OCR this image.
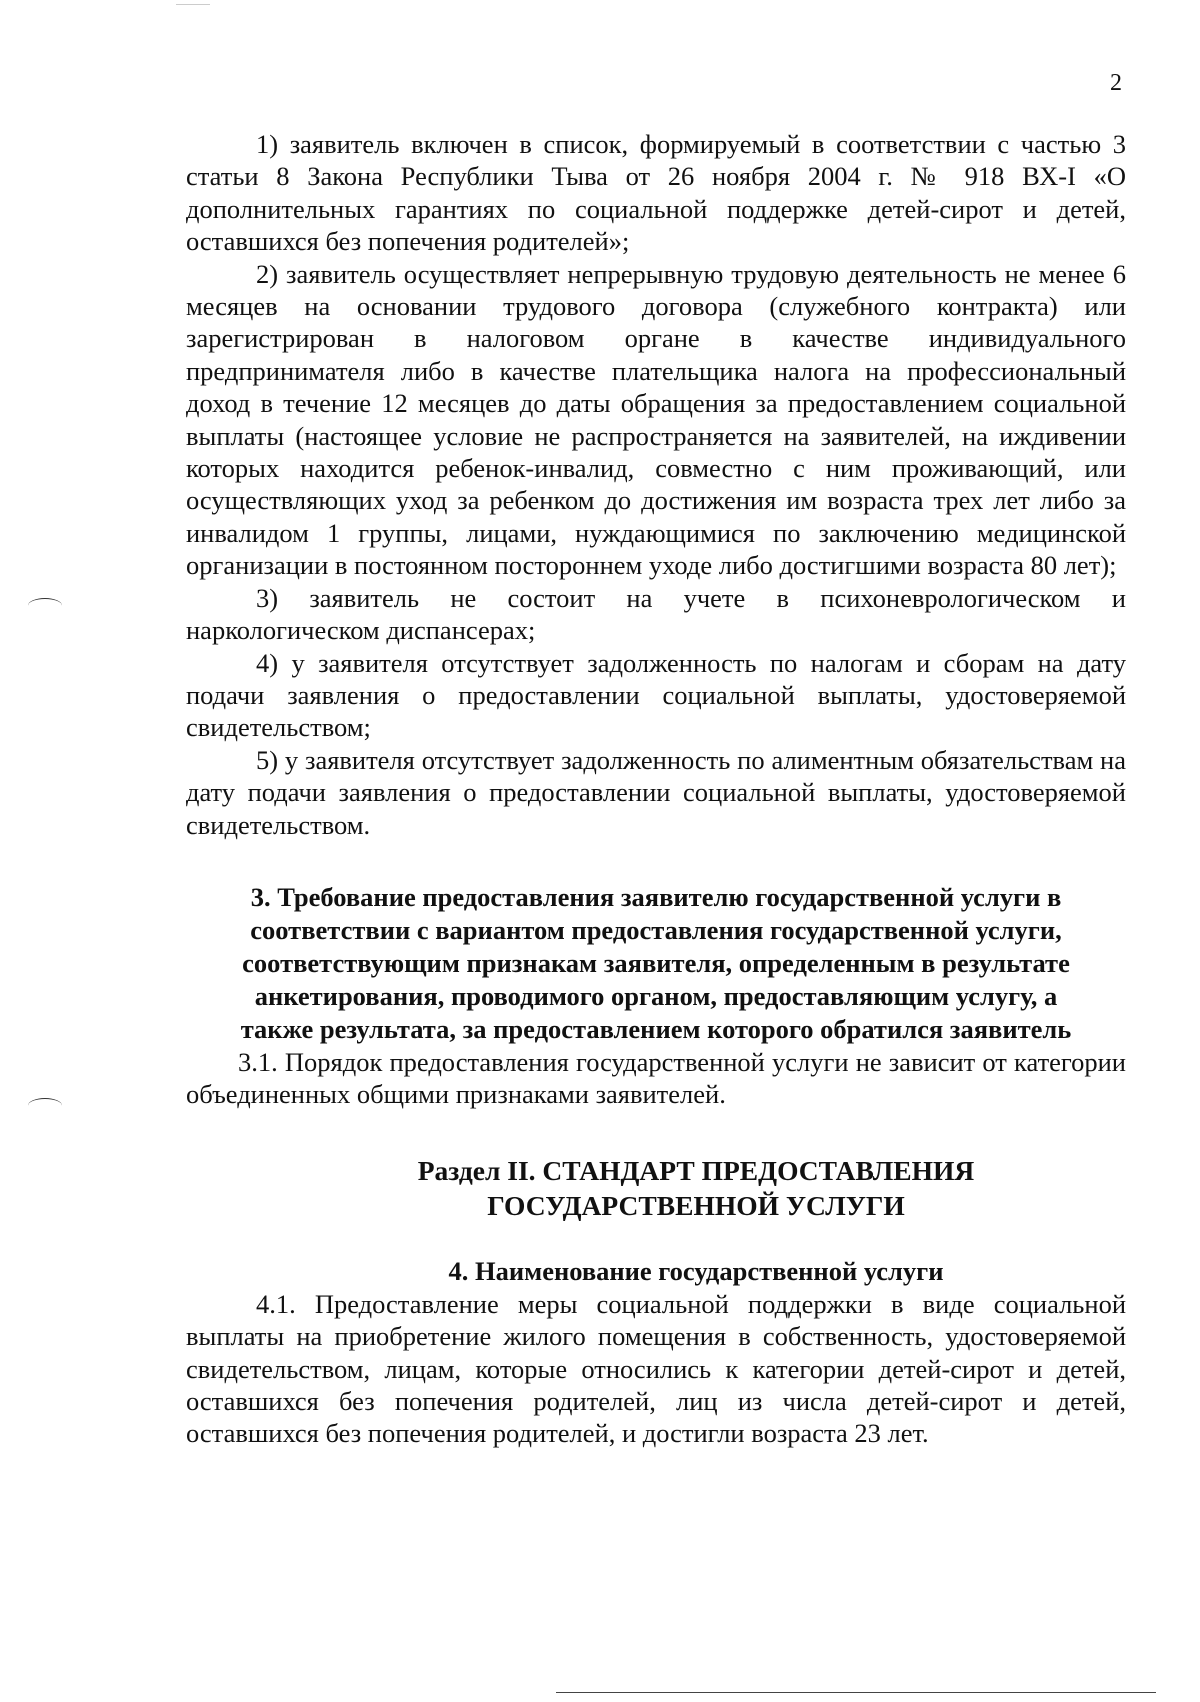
2

1) заявитель включен в список, формируемый в соответствии с частью 3 статьи 8 Закона Республики Тыва от 26 ноября 2004 г. № 918 ВХ-I «О дополнительных гарантиях по социальной поддержке детей-сирот и детей, оставшихся без попечения родителей»;

2) заявитель осуществляет непрерывную трудовую деятельность не менее 6 месяцев на основании трудового договора (служебного контракта) или зарегистрирован в налоговом органе в качестве индивидуального предпринимателя либо в качестве плательщика налога на профессиональный доход в течение 12 месяцев до даты обращения за предоставлением социальной выплаты (настоящее условие не распространяется на заявителей, на иждивении которых находится ребенок-инвалид, совместно с ним проживающий, или осуществляющих уход за ребенком до достижения им возраста трех лет либо за инвалидом 1 группы, лицами, нуждающимися по заключению медицинской организации в постоянном постороннем уходе либо достигшими возраста 80 лет);

3) заявитель не состоит на учете в психоневрологическом и наркологическом диспансерах;

4) у заявителя отсутствует задолженность по налогам и сборам на дату подачи заявления о предоставлении социальной выплаты, удостоверяемой свидетельством;

5) у заявителя отсутствует задолженность по алиментным обязательствам на дату подачи заявления о предоставлении социальной выплаты, удостоверяемой свидетельством.

3. Требование предоставления заявителю государственной услуги в
соответствии с вариантом предоставления государственной услуги,
соответствующим признакам заявителя, определенным в результате
анкетирования, проводимого органом, предоставляющим услугу, а
также результата, за предоставлением которого обратился заявитель

3.1. Порядок предоставления государственной услуги не зависит от категории объединенных общими признаками заявителей.

Раздел II. СТАНДАРТ ПРЕДОСТАВЛЕНИЯ
ГОСУДАРСТВЕННОЙ УСЛУГИ
4. Наименование государственной услуги

4.1. Предоставление меры социальной поддержки в виде социальной выплаты на приобретение жилого помещения в собственность, удостоверяемой свидетельством, лицам, которые относились к категории детей-сирот и детей, оставшихся без попечения родителей, лиц из числа детей-сирот и детей, оставшихся без попечения родителей, и достигли возраста 23 лет.
